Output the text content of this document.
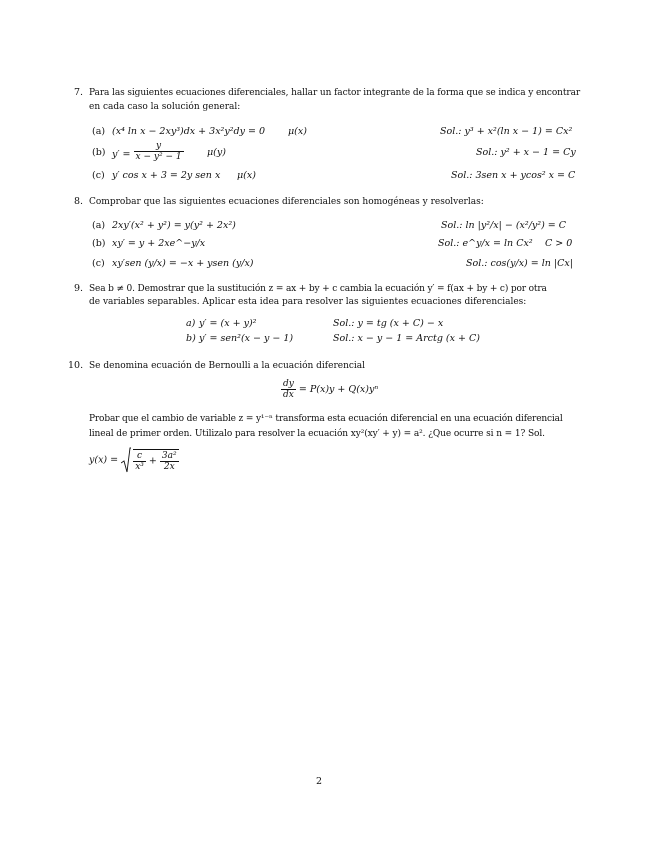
7. Para las siguientes ecuaciones diferenciales, hallar un factor integrante de la forma que se indica y encontrar
en cada caso la solución general:
(a) (x⁴ ln x − 2xy³)dx + 3x²y²dy = 0 μ(x)	Sol.: y³ + x²(ln x − 1) = Cx²
(b) $y' = \frac{y}{\text{x − y² − 1}} \mu(y)$	Sol.: y² + x − 1 = Cy
(c) y′ cos x + 3 = 2y sen x μ(x)	Sol.: 3sen x + ycos² x = C
8. Comprobar que las siguientes ecuaciones diferenciales son homogéneas y resolverlas:
(a) 2xy′(x² + y²) = y(y² + 2x²)	Sol.: ln |y²/x| − (x²/y²) = C
(b) xy′ = y + 2xe^−y/x	Sol.: e^y/x = ln Cx² C > 0
(c) xy′sen (y/x) = −x + ysen (y/x)	Sol.: cos(y/x) = ln |Cx|
9. Sea b ≠ 0. Demostrar que la sustitución z = ax + by + c cambia la ecuación y′ = f(ax + by + c) por otra
de variables separables. Aplicar esta idea para resolver las siguientes ecuaciones diferenciales:
a) y′ = (x + y)²	Sol.: y = tg (x + C) − x
b) y′ = sen²(x − y − 1)	Sol.: x − y − 1 = Arctg (x + C)
10. Se denomina ecuación de Bernoulli a la ecuación diferencial
$\frac{dy}{dx} = P(x)y + Q(x)y^n$
Probar que el cambio de variable z = y¹⁻ⁿ transforma esta ecuación diferencial en una ecuación diferencial
lineal de primer orden. Utilizalo para resolver la ecuación xy²(xy′ + y) = a². ¿Que ocurre si n = 1? Sol.
$y(x) = \frac{c}{\text{x³}} + \frac{\text{3a²}}{2x}$
2
